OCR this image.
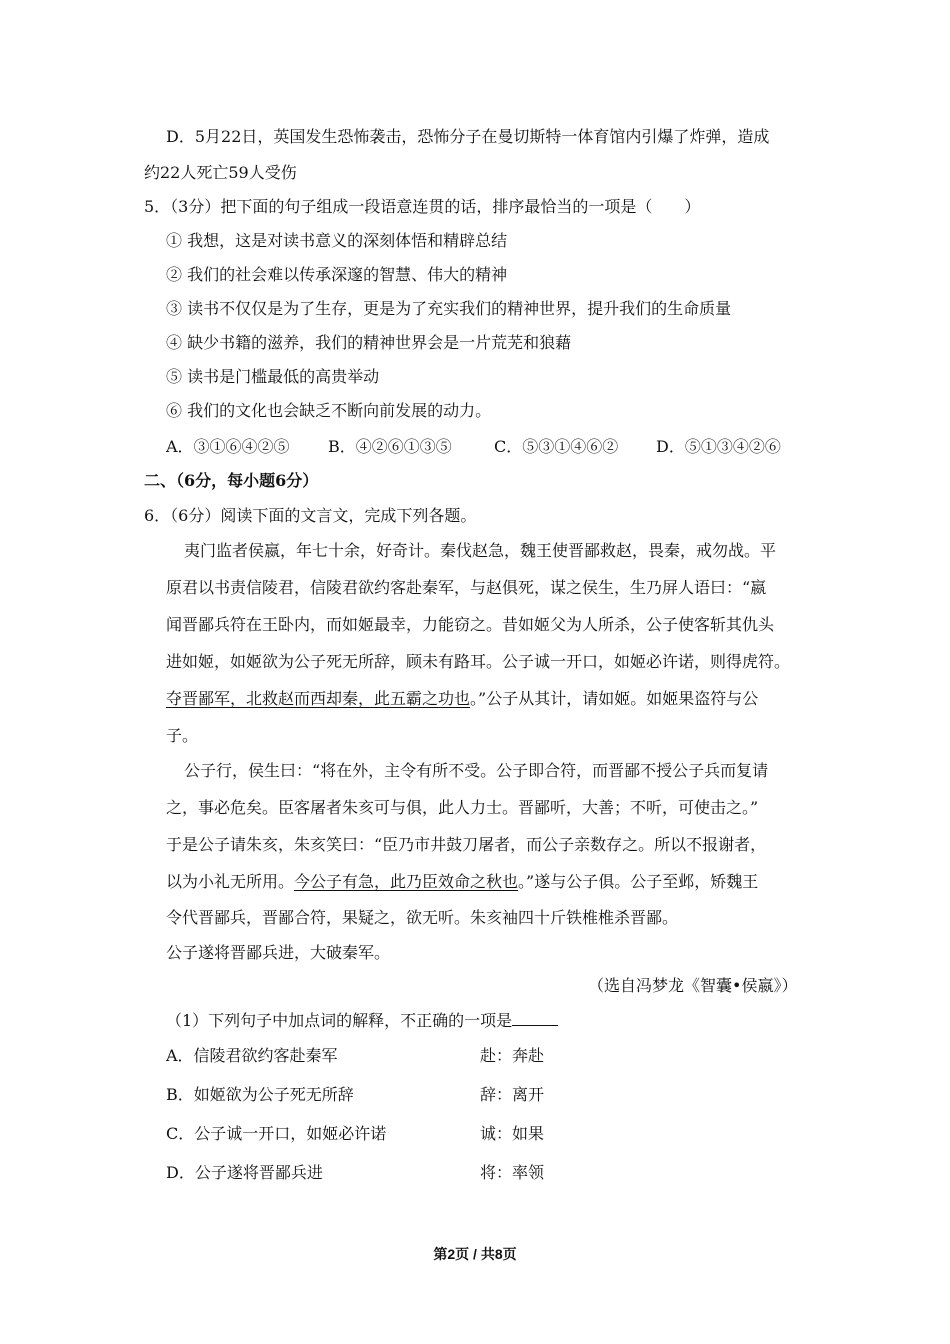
D．5月22日，英国发生恐怖袭击，恐怖分子在曼切斯特一体育馆内引爆了炸弹，造成
约22人死亡59人受伤
5．（3分）把下面的句子组成一段语意连贯的话，排序最恰当的一项是（　　）
① 我想，这是对读书意义的深刻体悟和精辟总结
② 我们的社会难以传承深邃的智慧、伟大的精神
③ 读书不仅仅是为了生存，更是为了充实我们的精神世界，提升我们的生命质量
④ 缺少书籍的滋养，我们的精神世界会是一片荒芜和狼藉
⑤ 读书是门槛最低的高贵举动
⑥ 我们的文化也会缺乏不断向前发展的动力。
A．③①⑥④②⑤ B．④②⑥①③⑤	C．⑤③①④⑥② D．⑤①③④②⑥
二、（6分，每小题6分）
6．（6分）阅读下面的文言文，完成下列各题。
夷门监者侯嬴，年七十余，好奇计。秦伐赵急，魏王使晋鄙救赵，畏秦，戒勿战。平
原君以书责信陵君，信陵君欲约客赴秦军，与赵俱死，谋之侯生，生乃屏人语曰：“嬴
闻晋鄙兵符在王卧内，而如姬最幸，力能窃之。昔如姬父为人所杀，公子使客斩其仇头
进如姬，如姬欲为公子死无所辞，顾未有路耳。公子诚一开口，如姬必许诺，则得虎符。
夺晋鄙军，北救赵而西却秦，此五霸之功也。”公子从其计，请如姬。如姬果盗符与公
子。
公子行，侯生曰：“将在外，主令有所不受。公子即合符，而晋鄙不授公子兵而复请
之，事必危矣。臣客屠者朱亥可与俱，此人力士。晋鄙听，大善；不听，可使击之。”
于是公子请朱亥，朱亥笑曰：“臣乃市井鼓刀屠者，而公子亲数存之。所以不报谢者，
以为小礼无所用。今公子有急，此乃臣效命之秋也。”遂与公子俱。公子至邺，矫魏王
令代晋鄙兵，晋鄙合符，果疑之，欲无听。朱亥袖四十斤铁椎椎杀晋鄙。
公子遂将晋鄙兵进，大破秦军。
（选自冯梦龙《智囊•侯嬴》）
（1）下列句子中加点词的解释，不正确的一项是
A．信陵君欲约客赴秦军	赴：奔赴
B．如姬欲为公子死无所辞	辞：离开
C．公子诚一开口，如姬必许诺	诚：如果
D．公子遂将晋鄙兵进	将：率领
第2页 / 共8页
